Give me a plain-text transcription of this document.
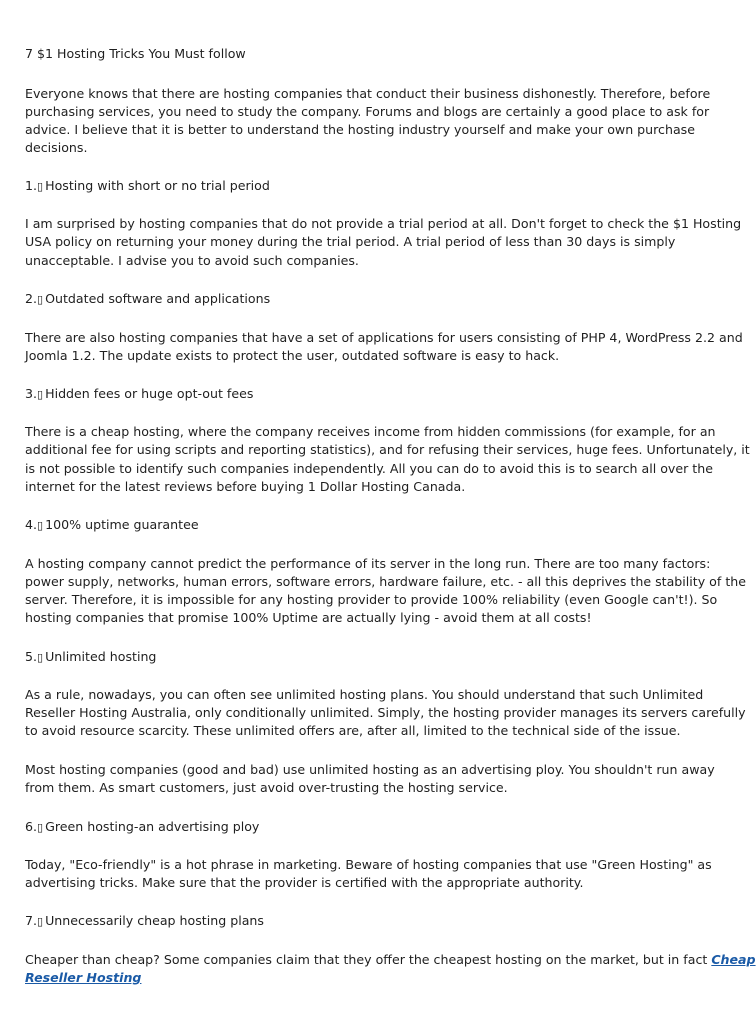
7 $1 Hosting Tricks You Must follow
Everyone knows that there are hosting companies that conduct their business dishonestly. Therefore, before
purchasing services, you need to study the company. Forums and blogs are certainly a good place to ask for
advice. I believe that it is better to understand the hosting industry yourself and make your own purchase
decisions.
1.▯ Hosting with short or no trial period
I am surprised by hosting companies that do not provide a trial period at all. Don't forget to check the $1 Hosting
USA policy on returning your money during the trial period. A trial period of less than 30 days is simply
unacceptable. I advise you to avoid such companies.
2.▯ Outdated software and applications
There are also hosting companies that have a set of applications for users consisting of PHP 4, WordPress 2.2 and
Joomla 1.2. The update exists to protect the user, outdated software is easy to hack.
3.▯ Hidden fees or huge opt-out fees
There is a cheap hosting, where the company receives income from hidden commissions (for example, for an
additional fee for using scripts and reporting statistics), and for refusing their services, huge fees. Unfortunately, it
is not possible to identify such companies independently. All you can do to avoid this is to search all over the
internet for the latest reviews before buying 1 Dollar Hosting Canada.
4.▯ 100% uptime guarantee
A hosting company cannot predict the performance of its server in the long run. There are too many factors:
power supply, networks, human errors, software errors, hardware failure, etc. - all this deprives the stability of the
server. Therefore, it is impossible for any hosting provider to provide 100% reliability (even Google can't!). So
hosting companies that promise 100% Uptime are actually lying - avoid them at all costs!
5.▯ Unlimited hosting
As a rule, nowadays, you can often see unlimited hosting plans. You should understand that such Unlimited
Reseller Hosting Australia, only conditionally unlimited. Simply, the hosting provider manages its servers carefully
to avoid resource scarcity. These unlimited offers are, after all, limited to the technical side of the issue.
Most hosting companies (good and bad) use unlimited hosting as an advertising ploy. You shouldn't run away
from them. As smart customers, just avoid over-trusting the hosting service.
6.▯ Green hosting-an advertising ploy
Today, "Eco-friendly" is a hot phrase in marketing. Beware of hosting companies that use "Green Hosting" as
advertising tricks. Make sure that the provider is certified with the appropriate authority.
7.▯ Unnecessarily cheap hosting plans
Cheaper than cheap? Some companies claim that they offer the cheapest hosting on the market, but in fact Cheap
Reseller Hosting
